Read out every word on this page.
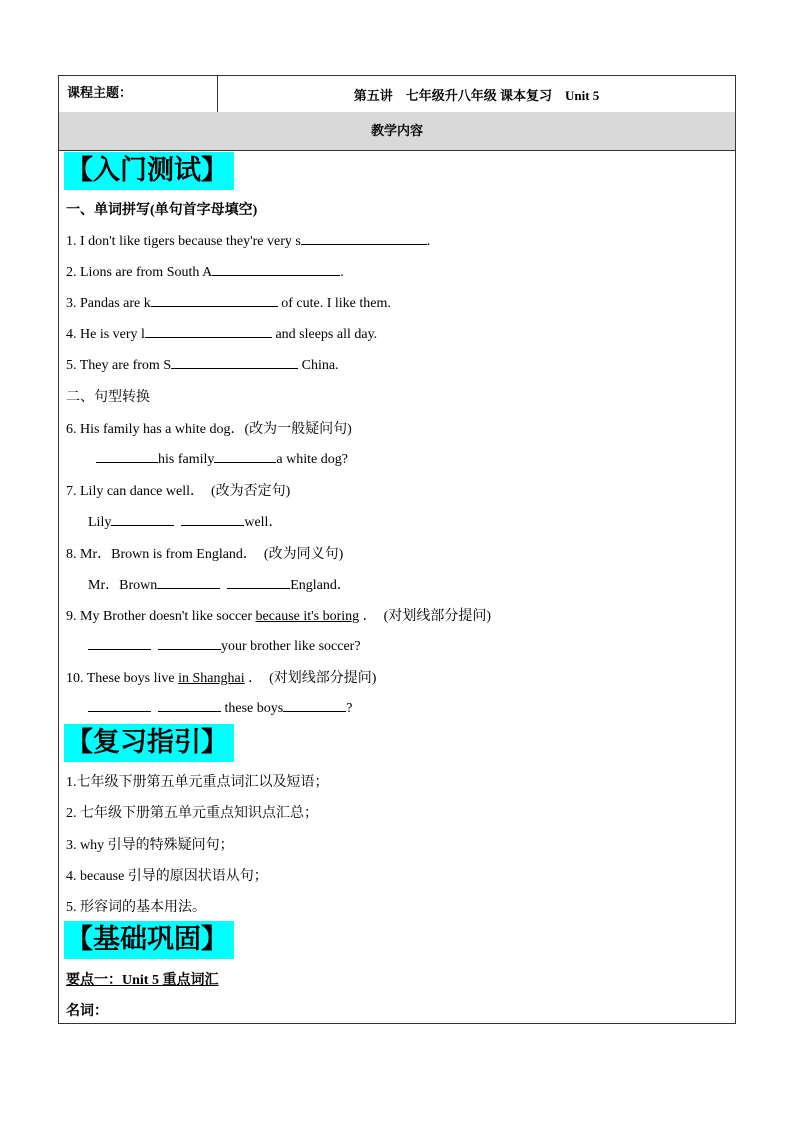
课程主题：	第五讲　七年级升八年级 课本复习　Unit 5
教学内容
【入门测试】
一、单词拼写(单句首字母填空)
1. I don't like tigers because they're very s	.
2. Lions are from South A	.
3. Pandas are k	of cute. I like them.
4. He is very l	and sleeps all day.
5. They are from S	China.
二、句型转换
6. His family has a white dog．(改为一般疑问句)
his family	a white dog?
7. Lily can dance well．　(改为否定句)
Lily	well．
8. Mr．Brown is from England．　(改为同义句)
Mr．Brown	England．
9. My Brother doesn't like soccer because it's boring ．　(对划线部分提问)
your brother like soccer?
10. These boys live in Shanghai ．　(对划线部分提问)
these boys	?
【复习指引】
1.七年级下册第五单元重点词汇以及短语；
2. 七年级下册第五单元重点知识点汇总；
3. why 引导的特殊疑问句；
4. because 引导的原因状语从句；
5. 形容词的基本用法。
【基础巩固】
要点一：Unit 5 重点词汇
名词：
